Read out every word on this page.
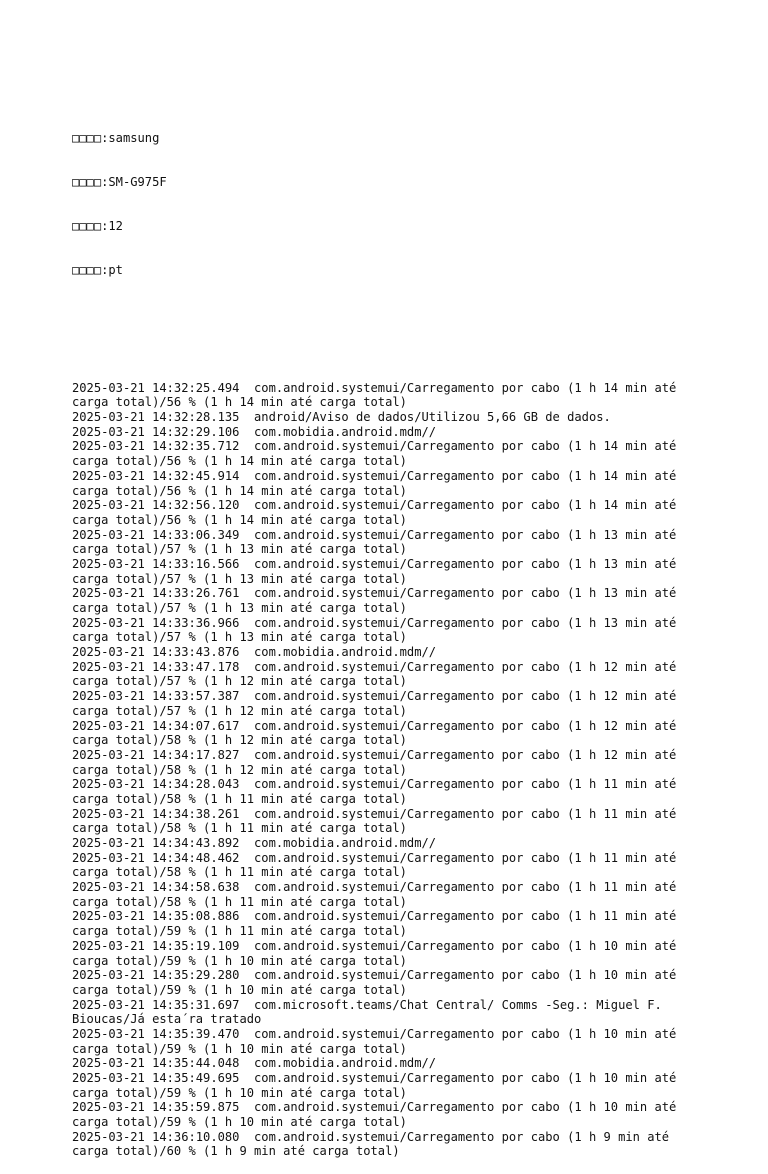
□□□□:samsung

□□□□:SM-G975F

□□□□:12

□□□□:pt

2025-03-21 14:32:25.494  com.android.systemui/Carregamento por cabo (1 h 14 min até
carga total)/56 % (1 h 14 min até carga total)
2025-03-21 14:32:28.135  android/Aviso de dados/Utilizou 5,66 GB de dados.
2025-03-21 14:32:29.106  com.mobidia.android.mdm//
2025-03-21 14:32:35.712  com.android.systemui/Carregamento por cabo (1 h 14 min até
carga total)/56 % (1 h 14 min até carga total)
2025-03-21 14:32:45.914  com.android.systemui/Carregamento por cabo (1 h 14 min até
carga total)/56 % (1 h 14 min até carga total)
2025-03-21 14:32:56.120  com.android.systemui/Carregamento por cabo (1 h 14 min até
carga total)/56 % (1 h 14 min até carga total)
2025-03-21 14:33:06.349  com.android.systemui/Carregamento por cabo (1 h 13 min até
carga total)/57 % (1 h 13 min até carga total)
2025-03-21 14:33:16.566  com.android.systemui/Carregamento por cabo (1 h 13 min até
carga total)/57 % (1 h 13 min até carga total)
2025-03-21 14:33:26.761  com.android.systemui/Carregamento por cabo (1 h 13 min até
carga total)/57 % (1 h 13 min até carga total)
2025-03-21 14:33:36.966  com.android.systemui/Carregamento por cabo (1 h 13 min até
carga total)/57 % (1 h 13 min até carga total)
2025-03-21 14:33:43.876  com.mobidia.android.mdm//
2025-03-21 14:33:47.178  com.android.systemui/Carregamento por cabo (1 h 12 min até
carga total)/57 % (1 h 12 min até carga total)
2025-03-21 14:33:57.387  com.android.systemui/Carregamento por cabo (1 h 12 min até
carga total)/57 % (1 h 12 min até carga total)
2025-03-21 14:34:07.617  com.android.systemui/Carregamento por cabo (1 h 12 min até
carga total)/58 % (1 h 12 min até carga total)
2025-03-21 14:34:17.827  com.android.systemui/Carregamento por cabo (1 h 12 min até
carga total)/58 % (1 h 12 min até carga total)
2025-03-21 14:34:28.043  com.android.systemui/Carregamento por cabo (1 h 11 min até
carga total)/58 % (1 h 11 min até carga total)
2025-03-21 14:34:38.261  com.android.systemui/Carregamento por cabo (1 h 11 min até
carga total)/58 % (1 h 11 min até carga total)
2025-03-21 14:34:43.892  com.mobidia.android.mdm//
2025-03-21 14:34:48.462  com.android.systemui/Carregamento por cabo (1 h 11 min até
carga total)/58 % (1 h 11 min até carga total)
2025-03-21 14:34:58.638  com.android.systemui/Carregamento por cabo (1 h 11 min até
carga total)/58 % (1 h 11 min até carga total)
2025-03-21 14:35:08.886  com.android.systemui/Carregamento por cabo (1 h 11 min até
carga total)/59 % (1 h 11 min até carga total)
2025-03-21 14:35:19.109  com.android.systemui/Carregamento por cabo (1 h 10 min até
carga total)/59 % (1 h 10 min até carga total)
2025-03-21 14:35:29.280  com.android.systemui/Carregamento por cabo (1 h 10 min até
carga total)/59 % (1 h 10 min até carga total)
2025-03-21 14:35:31.697  com.microsoft.teams/Chat Central/ Comms -Seg.: Miguel F.
Bioucas/Já esta´ra tratado
2025-03-21 14:35:39.470  com.android.systemui/Carregamento por cabo (1 h 10 min até
carga total)/59 % (1 h 10 min até carga total)
2025-03-21 14:35:44.048  com.mobidia.android.mdm//
2025-03-21 14:35:49.695  com.android.systemui/Carregamento por cabo (1 h 10 min até
carga total)/59 % (1 h 10 min até carga total)
2025-03-21 14:35:59.875  com.android.systemui/Carregamento por cabo (1 h 10 min até
carga total)/59 % (1 h 10 min até carga total)
2025-03-21 14:36:10.080  com.android.systemui/Carregamento por cabo (1 h 9 min até
carga total)/60 % (1 h 9 min até carga total)
